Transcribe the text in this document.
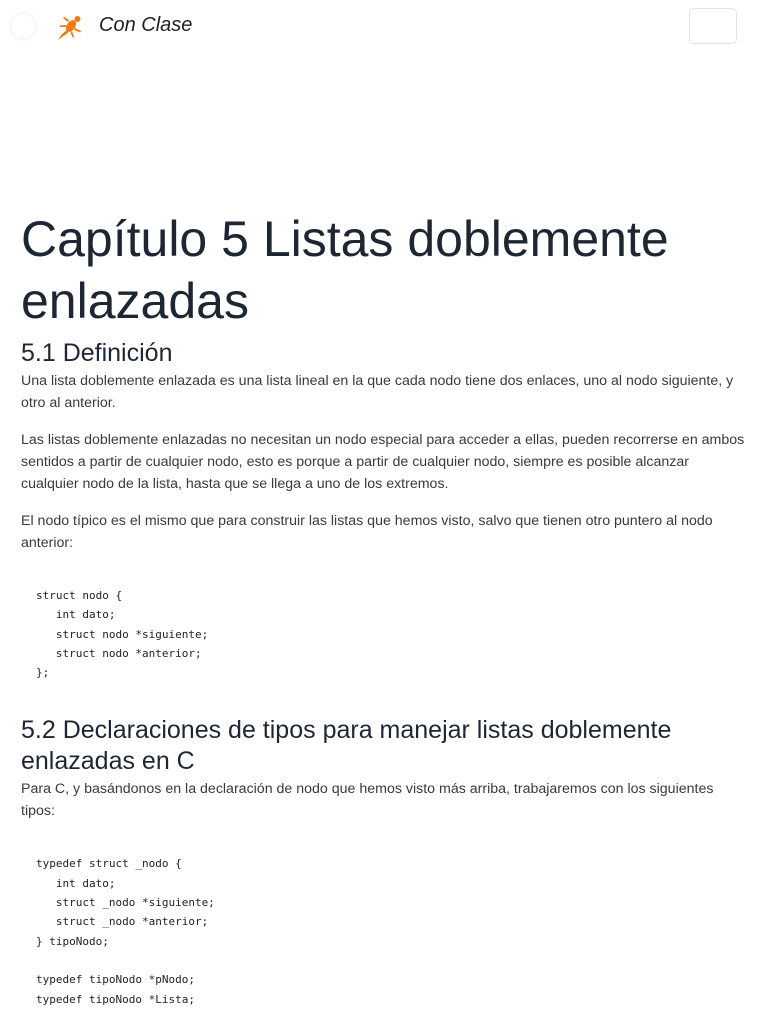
Con Clase
Capítulo 5 Listas doblemente enlazadas
5.1 Definición

Una lista doblemente enlazada es una lista lineal en la que cada nodo tiene dos enlaces, uno al nodo siguiente, y otro al anterior.

Las listas doblemente enlazadas no necesitan un nodo especial para acceder a ellas, pueden recorrerse en ambos sentidos a partir de cualquier nodo, esto es porque a partir de cualquier nodo, siempre es posible alcanzar cualquier nodo de la lista, hasta que se llega a uno de los extremos.

El nodo típico es el mismo que para construir las listas que hemos visto, salvo que tienen otro puntero al nodo anterior:

struct nodo {
int dato;
struct nodo *siguiente;
struct nodo *anterior;
};
5.2 Declaraciones de tipos para manejar listas doblemente enlazadas en C

Para C, y basándonos en la declaración de nodo que hemos visto más arriba, trabajaremos con los siguientes tipos:

typedef struct _nodo {
int dato;
struct _nodo *siguiente;
struct _nodo *anterior;
} tipoNodo;

typedef tipoNodo *pNodo;
typedef tipoNodo *Lista;
